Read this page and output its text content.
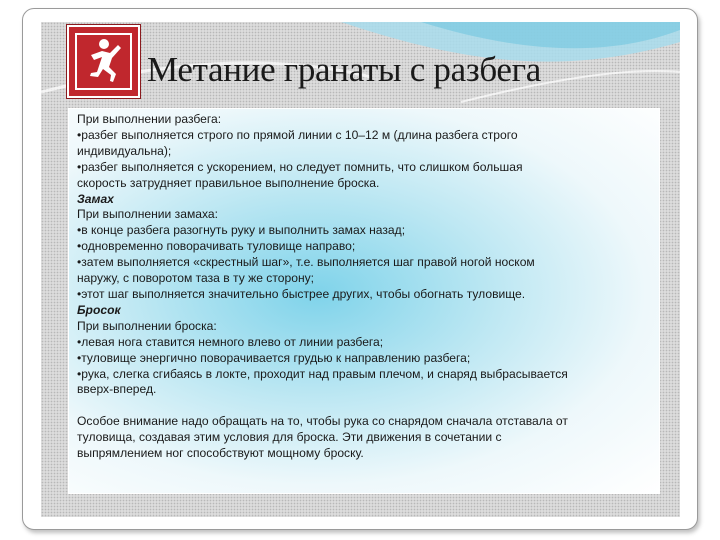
Метание гранаты с разбега

При выполнении разбега:

•разбег выполняется строго по прямой линии с 10–12 м (длина разбега строго

индивидуальна);

•разбег выполняется с ускорением, но следует помнить, что слишком большая

скорость затрудняет правильное выполнение броска.

Замах

При выполнении замаха:

•в конце разбега разогнуть руку и выполнить замах назад;

•одновременно поворачивать туловище направо;

•затем выполняется «скрестный шаг», т.е. выполняется шаг правой ногой носком

наружу, с поворотом таза в ту же сторону;

•этот шаг выполняется значительно быстрее других, чтобы обогнать туловище.

Бросок

При выполнении броска:

•левая нога ставится немного влево от линии разбега;

•туловище энергично поворачивается грудью к направлению разбега;

•рука, слегка сгибаясь в локте, проходит над правым плечом, и снаряд выбрасывается

вверх-вперед.

Особое внимание надо обращать на то, чтобы рука со снарядом сначала отставала от

туловища, создавая этим условия для броска. Эти движения в сочетании с

выпрямлением ног способствуют мощному броску.
